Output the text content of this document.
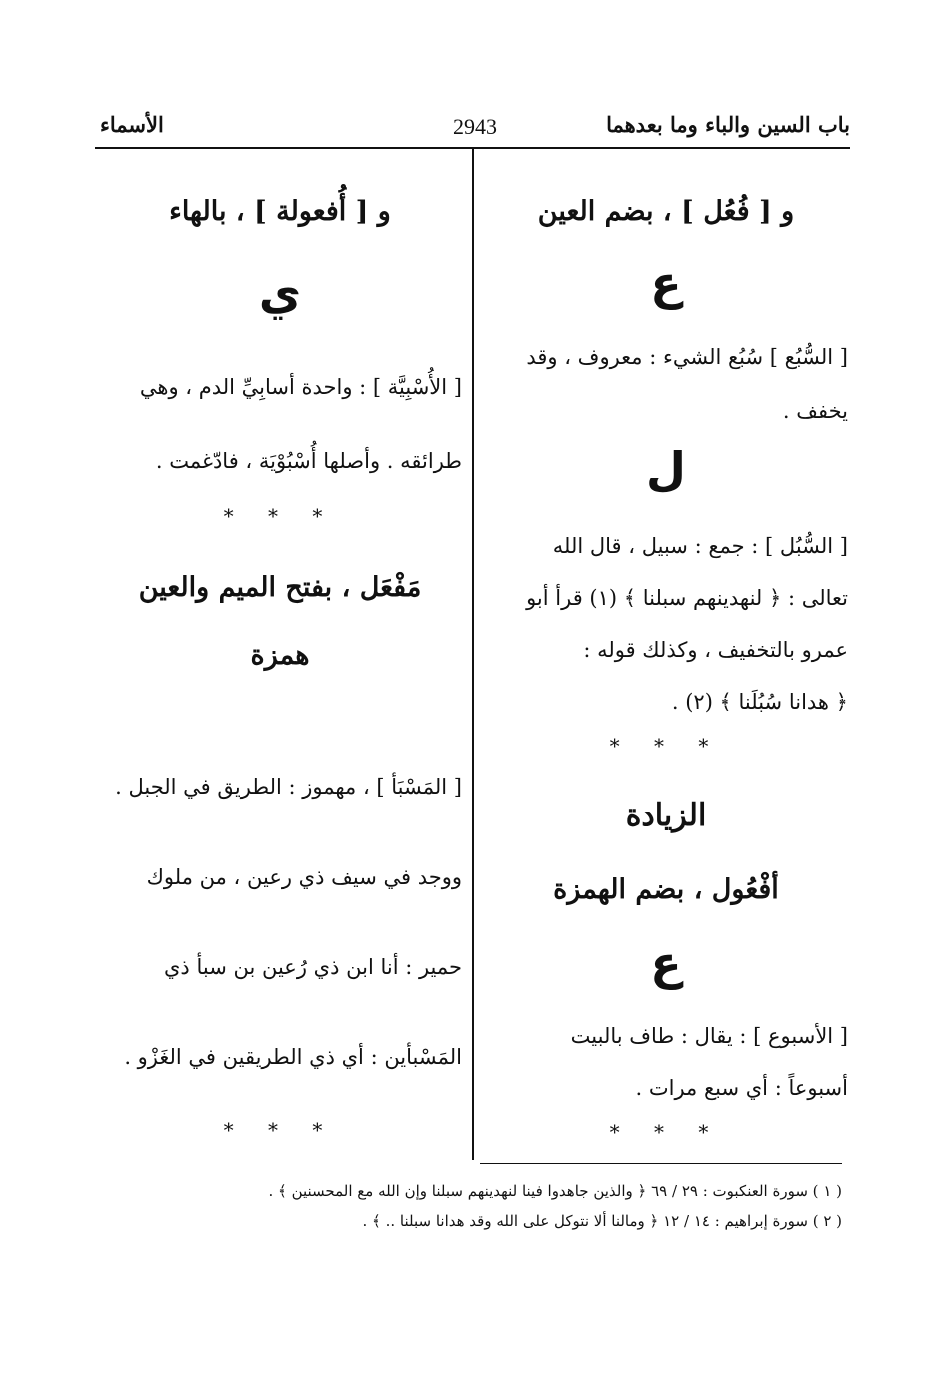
باب السين والباء وما بعدهما
2943
الأسماء
و [ فُعُل ] ، بضم العين
ع
[ السُّبُع ] سُبُع الشيء : معروف ، وقد
يخفف .
ل
[ السُّبُل ] : جمع : سبيل ، قال الله
تعالى : ﴿ لنهدينهم سبلنا ﴾ (١) قرأ أبو
عمرو بالتخفيف ، وكذلك قوله :
﴿ هدانا سُبُلَنا ﴾ (٢) .
* * *
الزيادة
أفْعُول ، بضم الهمزة
ع
[ الأسبوع ] : يقال : طاف بالبيت
أسبوعاً : أي سبع مرات .
* * *
و [ أُفعولة ] ، بالهاء
ي
[ الأُسْبِيَّة ] : واحدة أسابِيِّ الدم ، وهي
طرائقه . وأصلها أُسْبُوْيَة ، فادّغمت .
* * *
مَفْعَل ، بفتح الميم والعين
همزة
[ المَسْبَأ ] ، مهموز : الطريق في الجبل .
ووجد في سيف ذي رعين ، من ملوك
حمير : أنا ابن ذي رُعين بن سبأ ذي
المَسْبأين : أي ذي الطريقين في الغَزْو .
* * *
( ١ ) سورة العنكبوت : ٢٩ / ٦٩ ﴿ والذين جاهدوا فينا لنهدينهم سبلنا وإن الله مع المحسنين ﴾ .
( ٢ ) سورة إبراهيم : ١٤ / ١٢ ﴿ ومالنا ألا نتوكل على الله وقد هدانا سبلنا .. ﴾ .
